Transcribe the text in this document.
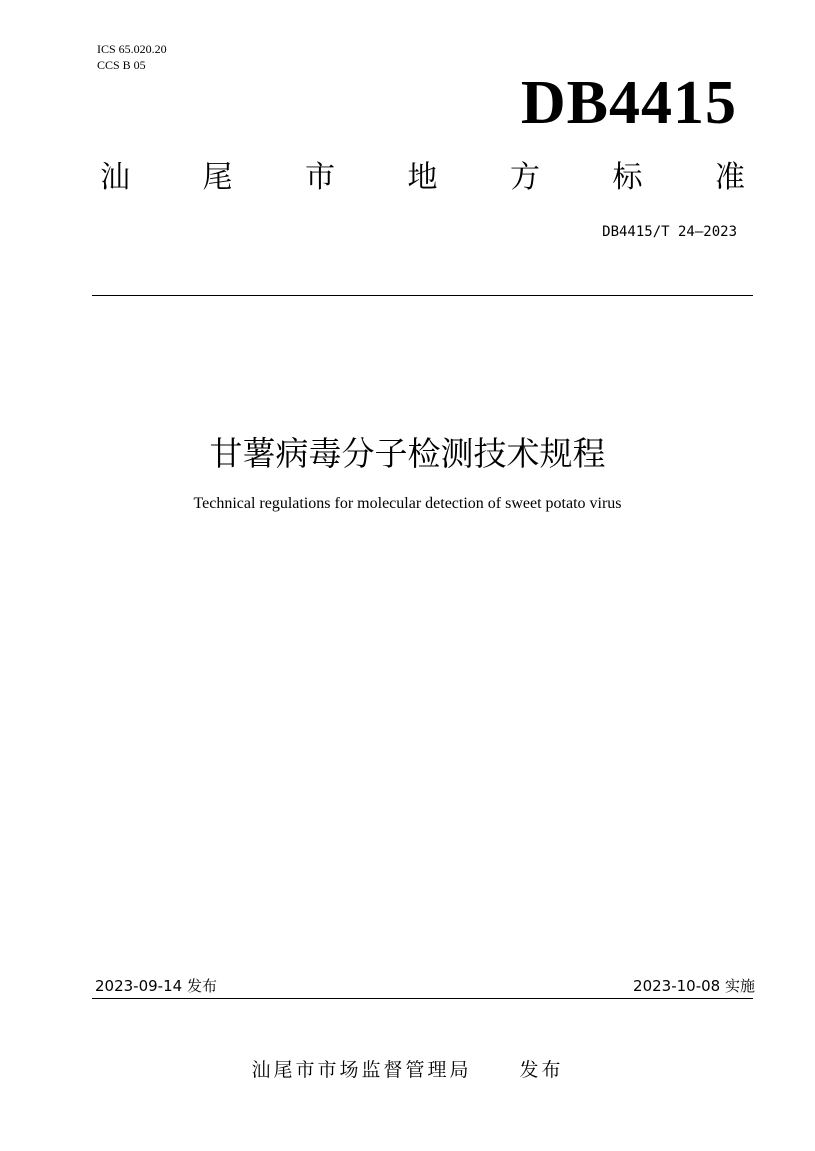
ICS 65.020.20
CCS B 05
DB4415
汕 尾 市 地 方 标 准
DB4415/T 24—2023
甘薯病毒分子检测技术规程
Technical regulations for molecular detection of sweet potato virus
2023-09-14 发布	2023-10-08 实施
汕尾市市场监督管理局	发布
